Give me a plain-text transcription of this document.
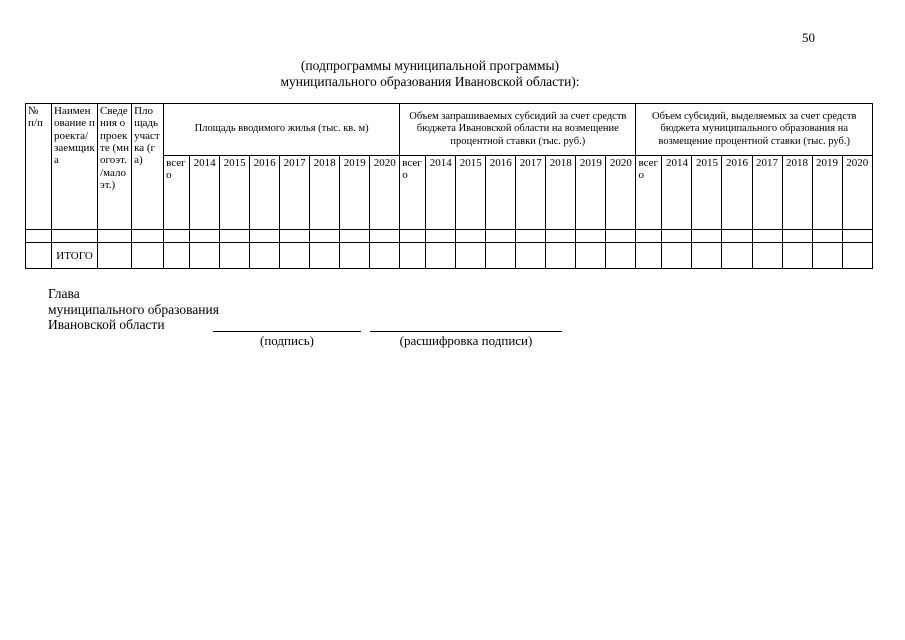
50
(подпрограммы муниципальной программы)
муниципального образования Ивановской области):
№ п/п	Наименование проекта/ заемщика	Сведения о проекте (многоэт. /малоэт.)	Площадь участка (га)	Площадь вводимого жилья (тыс. кв. м)								Объем запрашиваемых субсидий за счет средств бюджета Ивановской области на возмещение процентной ставки (тыс. руб.)								Объем субсидий, выделяемых за счет средств бюджета муниципального образования на возмещение процентной ставки (тыс. руб.)							
				всего	2014	2015	2016	2017	2018	2019	2020	всего	2014	2015	2016	2017	2018	2019	2020	всего	2014	2015	2016	2017	2018	2019	2020

	ИТОГО																										
Глава
муниципального образования
Ивановской области
(подпись)	(расшифровка подписи)
